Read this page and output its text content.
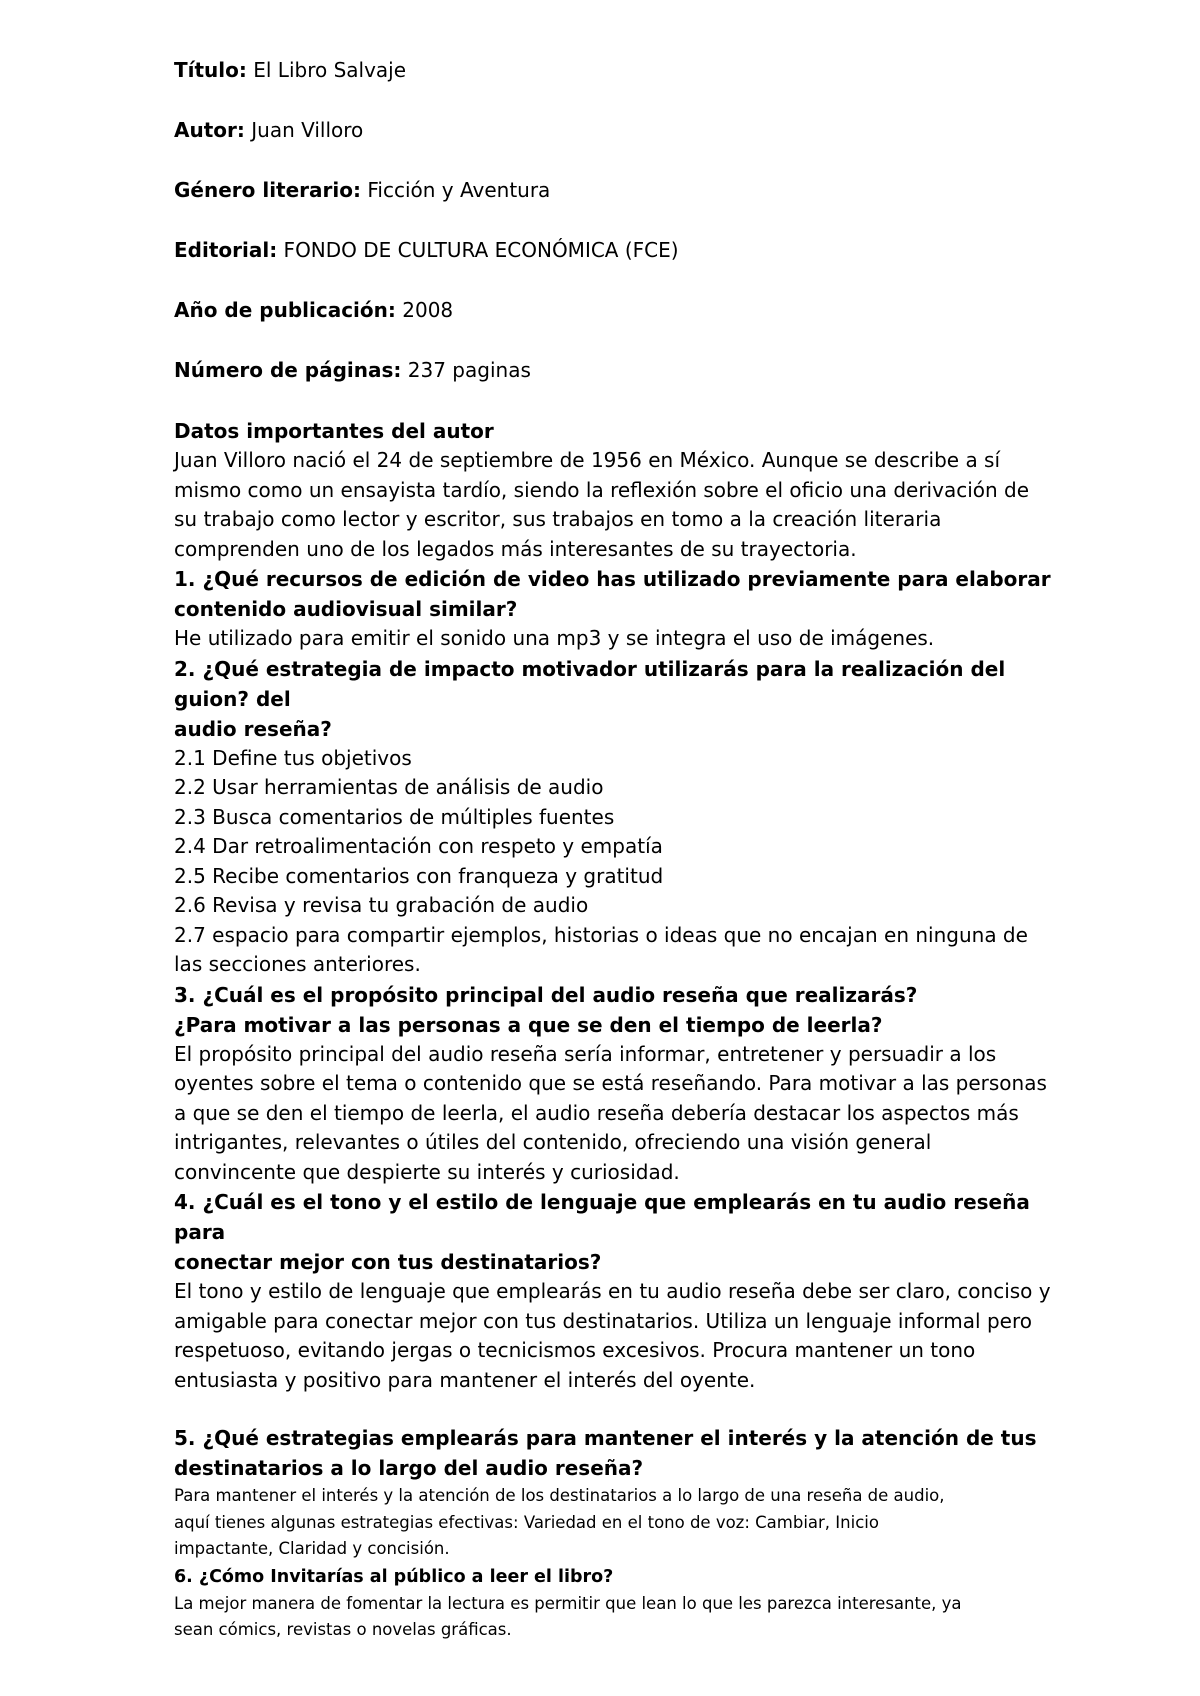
Título: El Libro Salvaje

Autor: Juan Villoro

Género literario: Ficción y Aventura

Editorial: FONDO DE CULTURA ECONÓMICA (FCE)

Año de publicación: 2008

Número de páginas: 237 paginas

Datos importantes del autor

Juan Villoro nació el 24 de septiembre de 1956 en México. Aunque se describe a sí

mismo como un ensayista tardío, siendo la reflexión sobre el oficio una derivación de

su trabajo como lector y escritor, sus trabajos en tomo a la creación literaria

comprenden uno de los legados más interesantes de su trayectoria.

1. ¿Qué recursos de edición de video has utilizado previamente para elaborar

contenido audiovisual similar?

He utilizado para emitir el sonido una mp3 y se integra el uso de imágenes.

2. ¿Qué estrategia de impacto motivador utilizarás para la realización del guion? del

audio reseña?

2.1 Define tus objetivos
2.2 Usar herramientas de análisis de audio
2.3 Busca comentarios de múltiples fuentes
2.4 Dar retroalimentación con respeto y empatía
2.5 Recibe comentarios con franqueza y gratitud
2.6 Revisa y revisa tu grabación de audio
2.7 espacio para compartir ejemplos, historias o ideas que no encajan en ninguna de
las secciones anteriores.

3. ¿Cuál es el propósito principal del audio reseña que realizarás?

¿Para motivar a las personas a que se den el tiempo de leerla?

El propósito principal del audio reseña sería informar, entretener y persuadir a los

oyentes sobre el tema o contenido que se está reseñando. Para motivar a las personas

a que se den el tiempo de leerla, el audio reseña debería destacar los aspectos más

intrigantes, relevantes o útiles del contenido, ofreciendo una visión general

convincente que despierte su interés y curiosidad.

4. ¿Cuál es el tono y el estilo de lenguaje que emplearás en tu audio reseña para

conectar mejor con tus destinatarios?

El tono y estilo de lenguaje que emplearás en tu audio reseña debe ser claro, conciso y

amigable para conectar mejor con tus destinatarios. Utiliza un lenguaje informal pero

respetuoso, evitando jergas o tecnicismos excesivos. Procura mantener un tono

entusiasta y positivo para mantener el interés del oyente.

5. ¿Qué estrategias emplearás para mantener el interés y la atención de tus

destinatarios a lo largo del audio reseña?

Para mantener el interés y la atención de los destinatarios a lo largo de una reseña de audio,

aquí tienes algunas estrategias efectivas: Variedad en el tono de voz: Cambiar, Inicio

impactante, Claridad y concisión.

6. ¿Cómo Invitarías al público a leer el libro?

La mejor manera de fomentar la lectura es permitir que lean lo que les parezca interesante, ya

sean cómics, revistas o novelas gráficas.
